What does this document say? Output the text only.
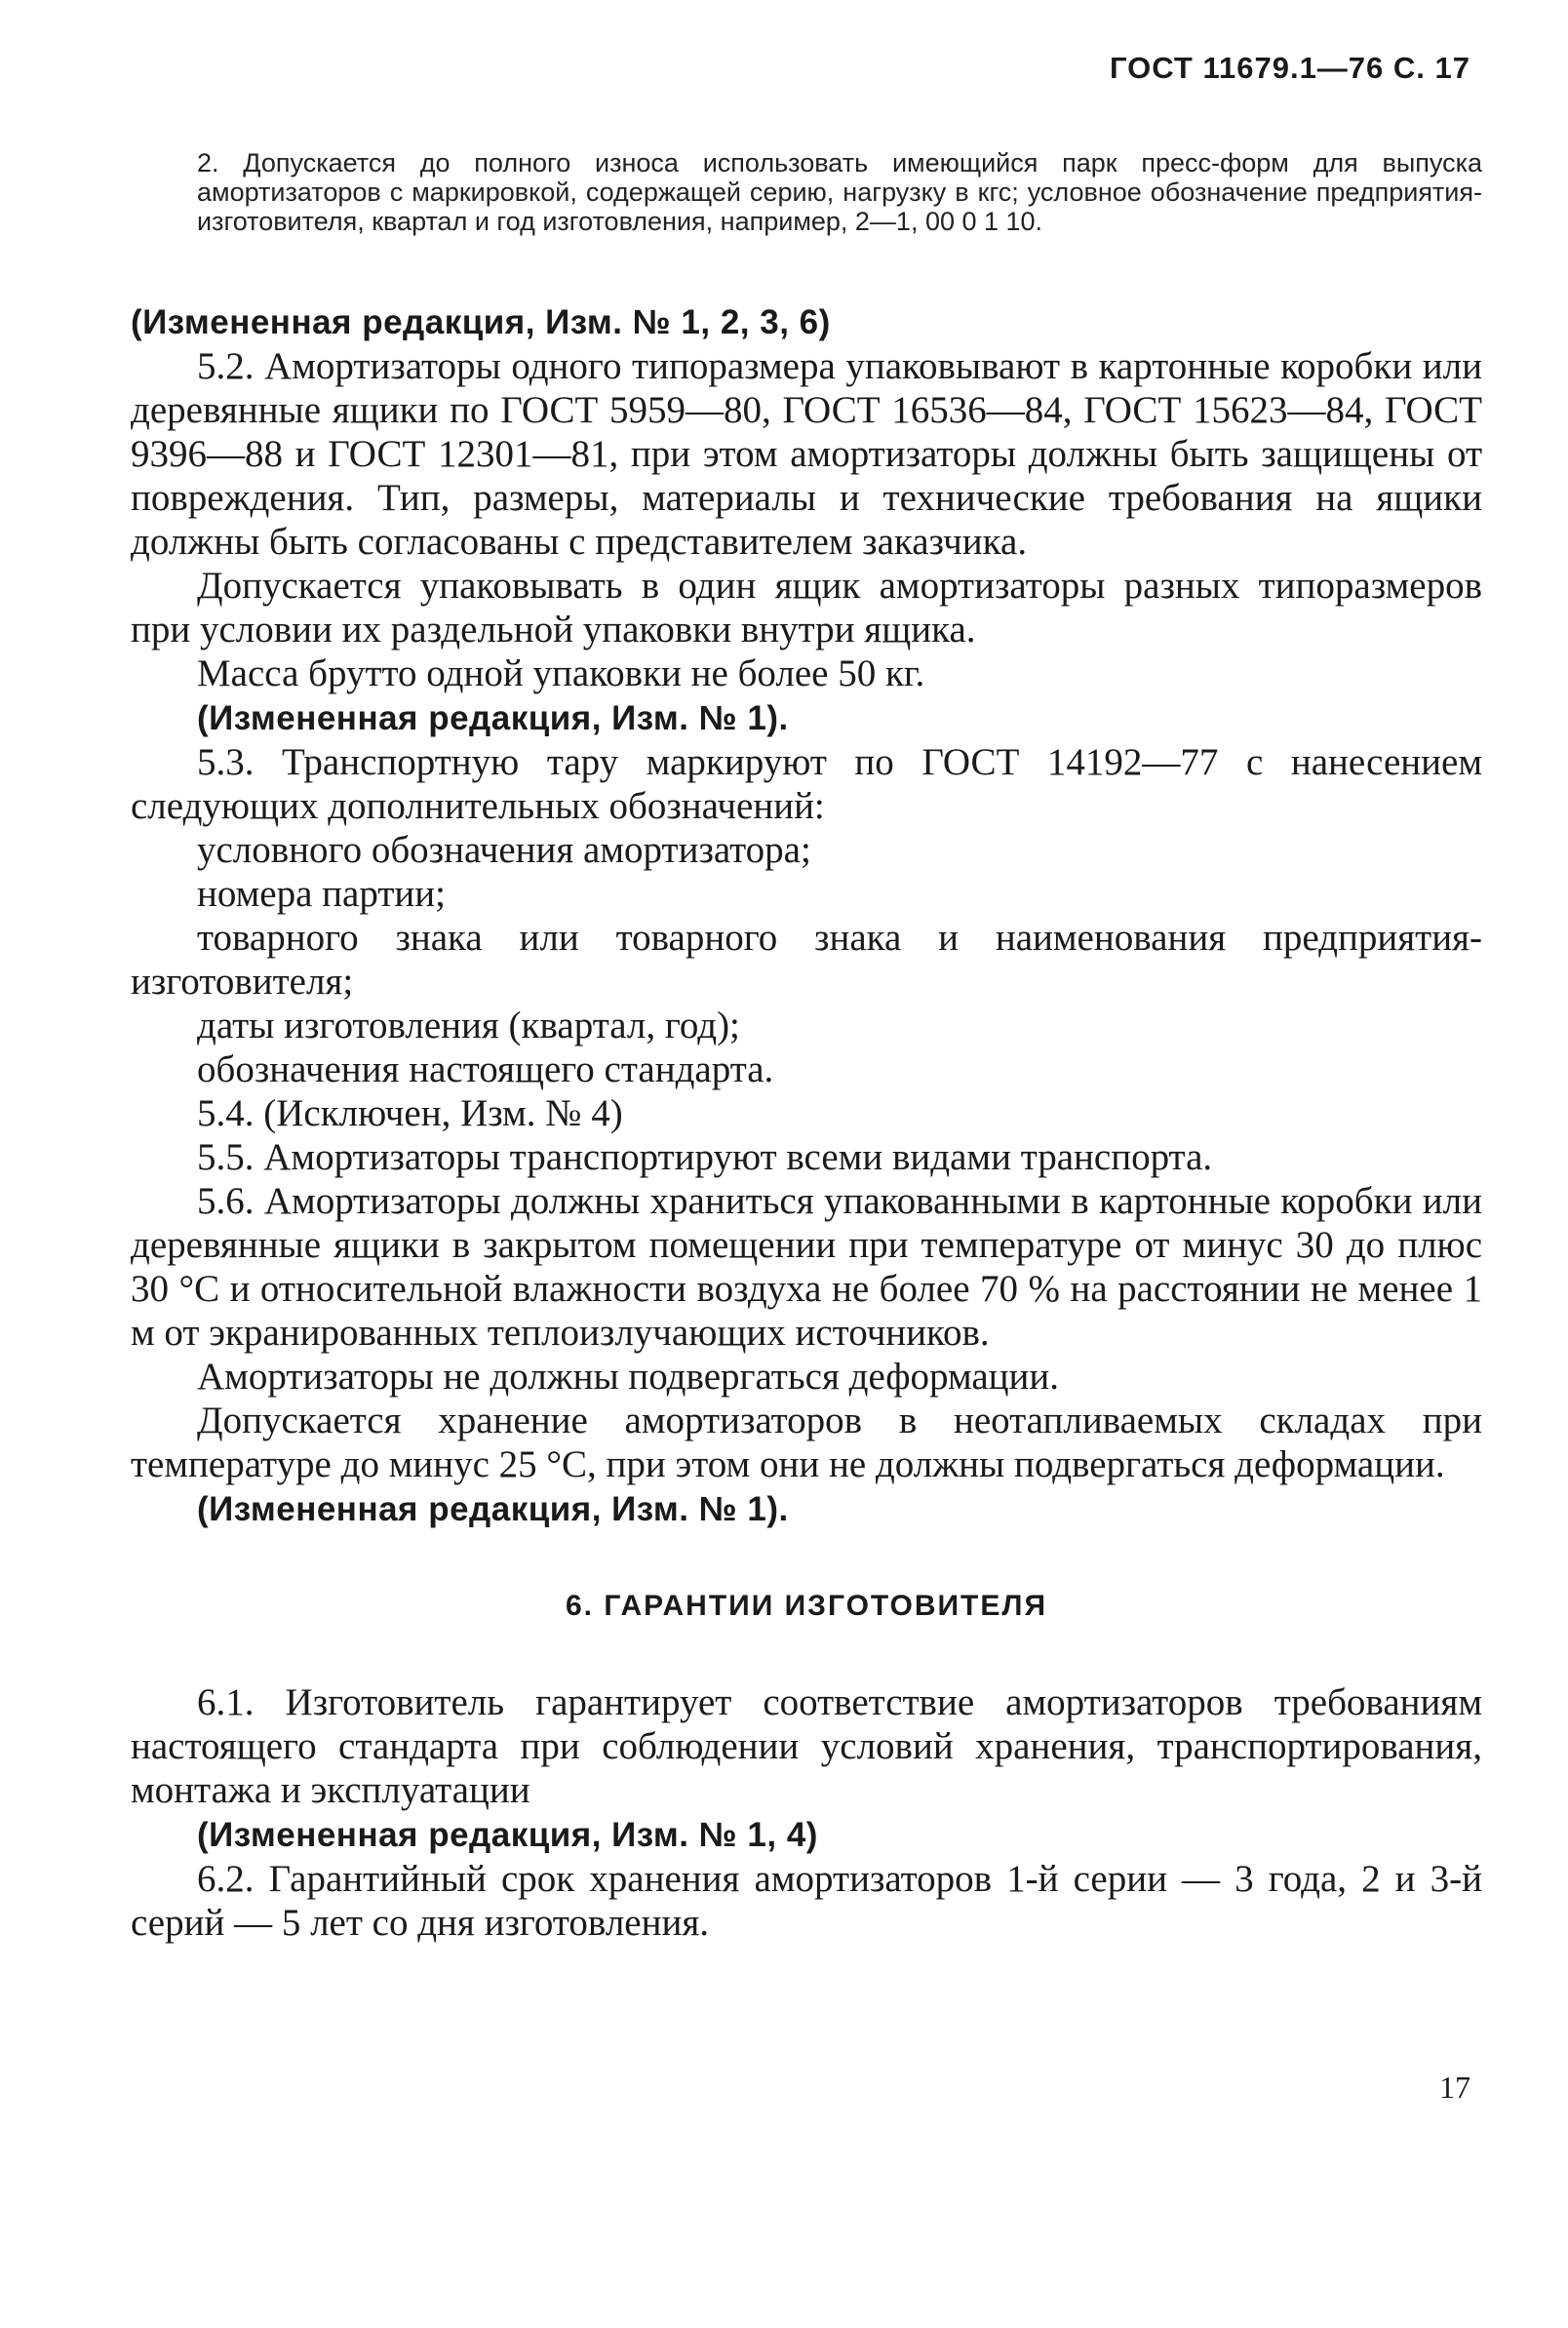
ГОСТ 11679.1—76 С. 17

2. Допускается до полного износа использовать имеющийся парк пресс-форм для выпуска амортизаторов с маркировкой, содержащей серию, нагрузку в кгс; условное обозначение предприятия-изготовителя, квартал и год изготовления, например, 2—1, 00 0 1 10.

(Измененная редакция, Изм. № 1, 2, 3, 6)

5.2. Амортизаторы одного типоразмера упаковывают в картонные коробки или деревянные ящики по ГОСТ 5959—80, ГОСТ 16536—84, ГОСТ 15623—84, ГОСТ 9396—88 и ГОСТ 12301—81, при этом амортизаторы должны быть защищены от повреждения. Тип, размеры, материалы и технические требования на ящики должны быть согласованы с представителем заказчика.

Допускается упаковывать в один ящик амортизаторы разных типоразмеров при условии их раздельной упаковки внутри ящика.

Масса брутто одной упаковки не более 50 кг.

(Измененная редакция, Изм. № 1).

5.3. Транспортную тару маркируют по ГОСТ 14192—77 с нанесением следующих дополнительных обозначений:

условного обозначения амортизатора;

номера партии;

товарного знака или товарного знака и наименования предприятия-изготовителя;

даты изготовления (квартал, год);

обозначения настоящего стандарта.

5.4. (Исключен, Изм. № 4)

5.5. Амортизаторы транспортируют всеми видами транспорта.

5.6. Амортизаторы должны храниться упакованными в картонные коробки или деревянные ящики в закрытом помещении при температуре от минус 30 до плюс 30 °С и относительной влажности воздуха не более 70 % на расстоянии не менее 1 м от экранированных теплоизлучающих источников.

Амортизаторы не должны подвергаться деформации.

Допускается хранение амортизаторов в неотапливаемых складах при температуре до минус 25 °С, при этом они не должны подвергаться деформации.

(Измененная редакция, Изм. № 1).

6. ГАРАНТИИ ИЗГОТОВИТЕЛЯ

6.1. Изготовитель гарантирует соответствие амортизаторов требованиям настоящего стандарта при соблюдении условий хранения, транспортирования, монтажа и эксплуатации

(Измененная редакция, Изм. № 1, 4)

6.2. Гарантийный срок хранения амортизаторов 1-й серии — 3 года, 2 и 3-й серий — 5 лет со дня изготовления.

17
